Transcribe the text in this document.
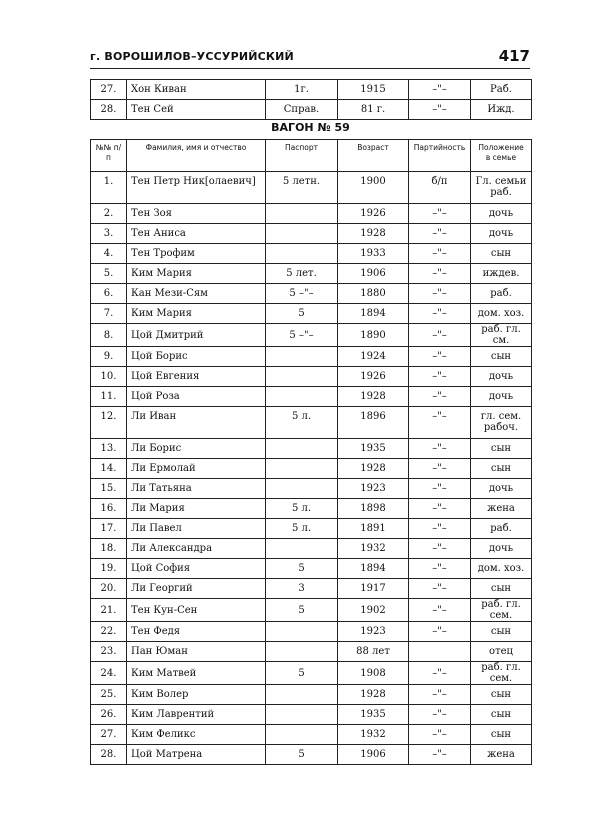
г. ВОРОШИЛОВ–УССУРИЙСКИЙ	417
27.	Хон Киван	1г.	1915	–"–	Раб.
28.	Тен Сей	Справ.	81 г.	–"–	Ижд.
ВАГОН № 59
№№ п/п	Фамилия, имя и отчество	Паспорт	Возраст	Партийность	Положение в семье
1.	Тен Петр Ник[олаевич]	5 летн.	1900	б/п	Гл. семьи раб.
2.	Тен Зоя		1926	–"–	дочь
3.	Тен Аниса		1928	–"–	дочь
4.	Тен Трофим		1933	–"–	сын
5.	Ким Мария	5 лет.	1906	–"–	иждев.
6.	Кан Мези-Сям	5 –"–	1880	–"–	раб.
7.	Ким Мария	5	1894	–"–	дом. хоз.
8.	Цой Дмитрий	5 –"–	1890	–"–	раб. гл. см.
9.	Цой Борис		1924	–"–	сын
10.	Цой Евгения		1926	–"–	дочь
11.	Цой Роза		1928	–"–	дочь
12.	Ли Иван	5 л.	1896	–"–	гл. сем. рабоч.
13.	Ли Борис		1935	–"–	сын
14.	Ли Ермолай		1928	–"–	сын
15.	Ли Татьяна		1923	–"–	дочь
16.	Ли Мария	5 л.	1898	–"–	жена
17.	Ли Павел	5 л.	1891	–"–	раб.
18.	Ли Александра		1932	–"–	дочь
19.	Цой София	5	1894	–"–	дом. хоз.
20.	Ли Георгий	3	1917	–"–	сын
21.	Тен Кун-Сен	5	1902	–"–	раб. гл. сем.
22.	Тен Федя		1923	–"–	сын
23.	Пан Юман		88 лет		отец
24.	Ким Матвей	5	1908	–"–	раб. гл. сем.
25.	Ким Волер		1928	–"–	сын
26.	Ким Лаврентий		1935	–"–	сын
27.	Ким Феликс		1932	–"–	сын
28.	Цой Матрена	5	1906	–"–	жена
